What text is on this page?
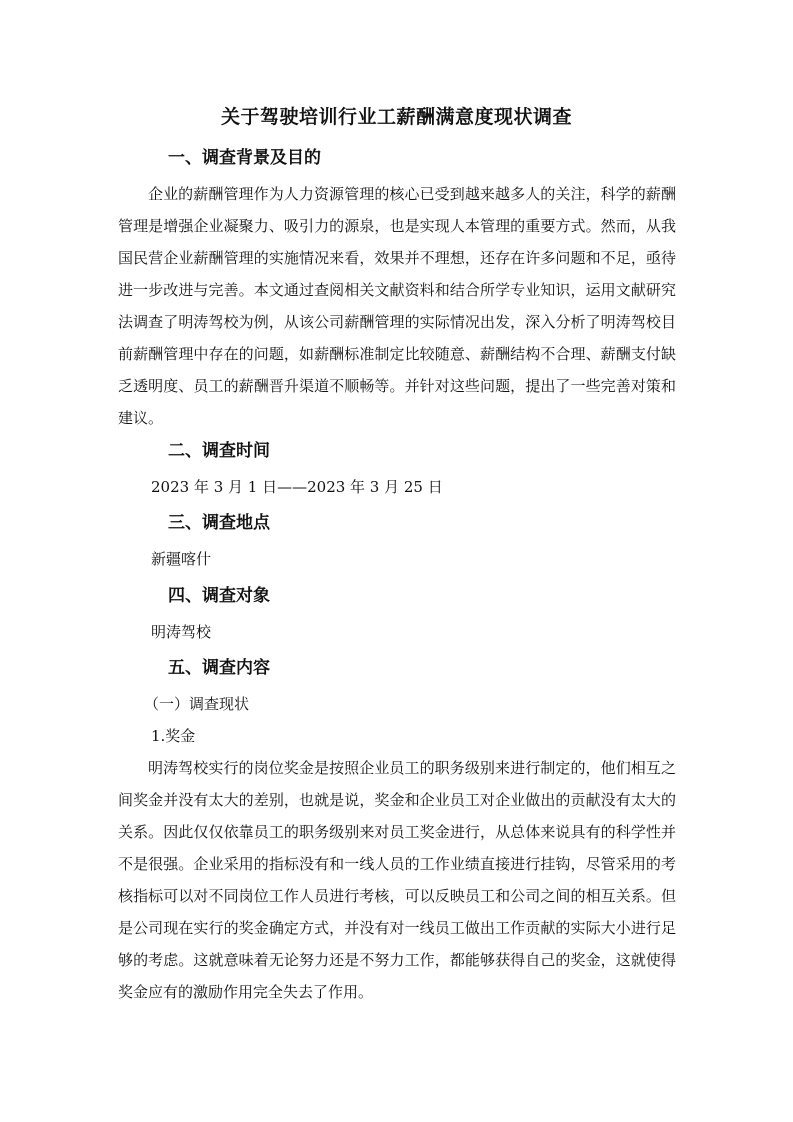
关于驾驶培训行业工薪酬满意度现状调查
一、调查背景及目的
企业的薪酬管理作为人力资源管理的核心已受到越来越多人的关注，科学的薪酬管理是增强企业凝聚力、吸引力的源泉，也是实现人本管理的重要方式。然而，从我国民营企业薪酬管理的实施情况来看，效果并不理想，还存在许多问题和不足，亟待进一步改进与完善。本文通过查阅相关文献资料和结合所学专业知识，运用文献研究法调查了明涛驾校为例，从该公司薪酬管理的实际情况出发，深入分析了明涛驾校目前薪酬管理中存在的问题，如薪酬标准制定比较随意、薪酬结构不合理、薪酬支付缺乏透明度、员工的薪酬晋升渠道不顺畅等。并针对这些问题，提出了一些完善对策和建议。
二、调查时间
2023 年 3 月 1 日——2023 年 3 月 25 日
三、调查地点
新疆喀什
四、调查对象
明涛驾校
五、调查内容
（一）调查现状
1.奖金
明涛驾校实行的岗位奖金是按照企业员工的职务级别来进行制定的，他们相互之间奖金并没有太大的差别，也就是说，奖金和企业员工对企业做出的贡献没有太大的关系。因此仅仅依靠员工的职务级别来对员工奖金进行，从总体来说具有的科学性并不是很强。企业采用的指标没有和一线人员的工作业绩直接进行挂钩，尽管采用的考核指标可以对不同岗位工作人员进行考核，可以反映员工和公司之间的相互关系。但是公司现在实行的奖金确定方式，并没有对一线员工做出工作贡献的实际大小进行足够的考虑。这就意味着无论努力还是不努力工作，都能够获得自己的奖金，这就使得奖金应有的激励作用完全失去了作用。
